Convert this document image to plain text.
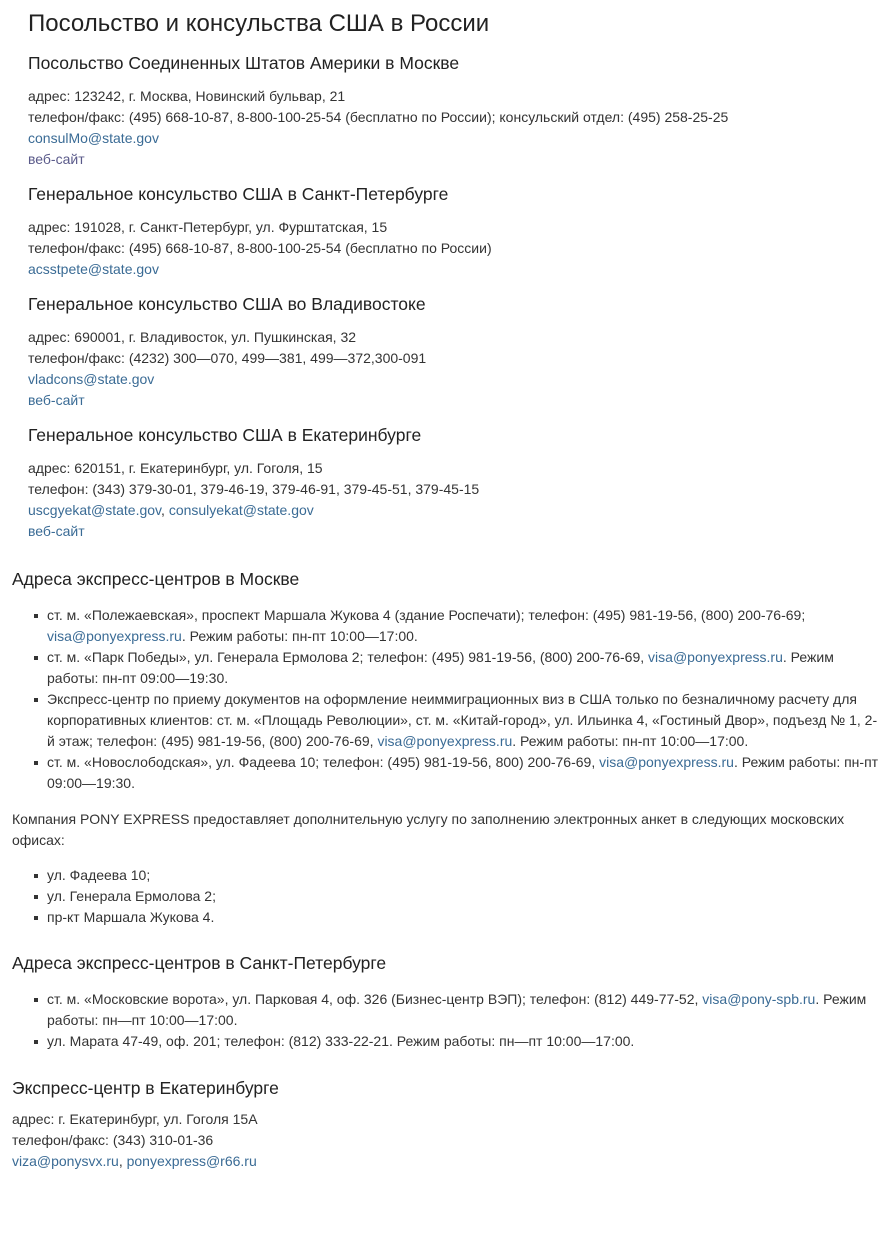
Посольство и консульства США в России
Посольство Соединенных Штатов Америки в Москве

адрес: 123242, г. Москва, Новинский бульвар, 21

телефон/факс: (495) 668-10-87, 8-800-100-25-54 (бесплатно по России); консульский отдел: (495) 258-25-25

consulMo@state.gov

веб-сайт

Генеральное консульство США в Санкт-Петербурге

адрес: 191028, г. Санкт-Петербург, ул. Фурштатская, 15

телефон/факс: (495) 668-10-87, 8-800-100-25-54 (бесплатно по России)

acsstpete@state.gov

Генеральное консульство США во Владивостоке

адрес: 690001, г. Владивосток, ул. Пушкинская, 32

телефон/факс: (4232) 300—070, 499—381, 499—372,300-091

vladcons@state.gov

веб-сайт

Генеральное консульство США в Екатеринбурге

адрес: 620151, г. Екатеринбург, ул. Гоголя, 15

телефон: (343) 379-30-01, 379-46-19, 379-46-91, 379-45-51, 379-45-15

uscgyekat@state.gov, consulyekat@state.gov

веб-сайт

Адреса экспресс-центров в Москве
ст. м. «Полежаевская», проспект Маршала Жукова 4 (здание Роспечати); телефон: (495) 981-19-56, (800) 200-76-69; visa@ponyexpress.ru. Режим работы: пн-пт 10:00—17:00.
ст. м. «Парк Победы», ул. Генерала Ермолова 2; телефон: (495) 981-19-56, (800) 200-76-69, visa@ponyexpress.ru. Режим работы: пн-пт 09:00—19:30.
Экспресс-центр по приему документов на оформление неиммиграционных виз в США только по безналичному расчету для корпоративных клиентов: ст. м. «Площадь Революции», ст. м. «Китай-город», ул. Ильинка 4, «Гостиный Двор», подъезд № 1, 2-й этаж; телефон: (495) 981-19-56, (800) 200-76-69, visa@ponyexpress.ru. Режим работы: пн-пт 10:00—17:00.
ст. м. «Новослободская», ул. Фадеева 10; телефон: (495) 981-19-56, 800) 200-76-69, visa@ponyexpress.ru. Режим работы: пн-пт 09:00—19:30.

Компания PONY EXPRESS предоставляет дополнительную услугу по заполнению электронных анкет в следующих московских офисах:

ул. Фадеева 10;
ул. Генерала Ермолова 2;
пр-кт Маршала Жукова 4.
Адреса экспресс-центров в Санкт-Петербурге
ст. м. «Московские ворота», ул. Парковая 4, оф. 326 (Бизнес-центр ВЭП); телефон: (812) 449-77-52, visa@pony-spb.ru. Режим работы: пн—пт 10:00—17:00.
ул. Марата 47-49, оф. 201; телефон: (812) 333-22-21. Режим работы: пн—пт 10:00—17:00.
Экспресс-центр в Екатеринбурге

адрес: г. Екатеринбург, ул. Гоголя 15А

телефон/факс: (343) 310-01-36

viza@ponysvx.ru, ponyexpress@r66.ru
